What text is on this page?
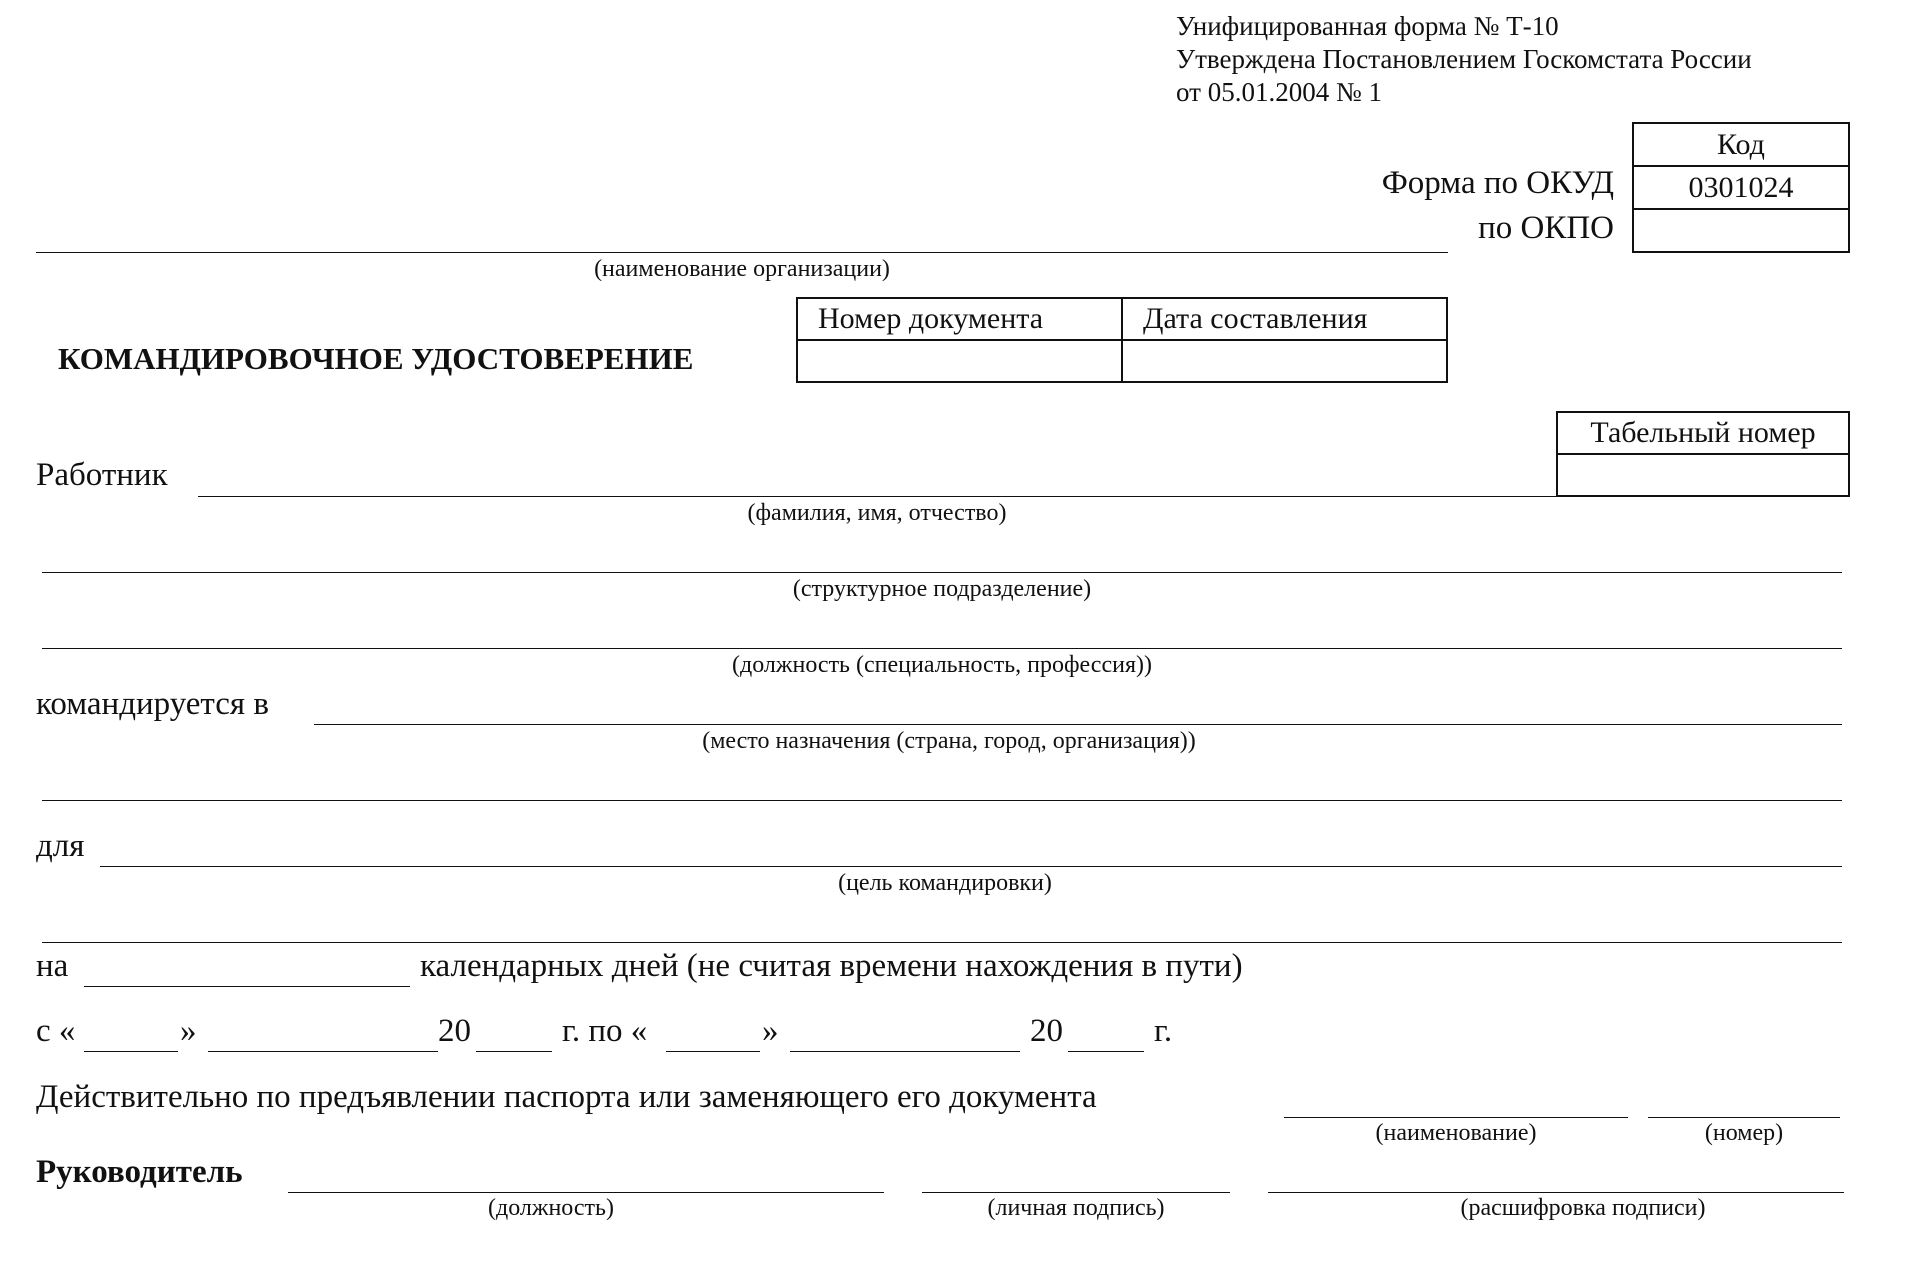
Унифицированная форма № Т-10
Утверждена Постановлением Госкомстата России
от 05.01.2004 № 1
Код
0301024

Форма по ОКУД
по ОКПО
(наименование организации)
КОМАНДИРОВОЧНОЕ УДОСТОВЕРЕНИЕ
Номер документа	Дата составления

Табельный номер

Работник
(фамилия, имя, отчество)
(структурное подразделение)
(должность (специальность, профессия))
командируется в
(место назначения (страна, город, организация))
для
(цель командировки)
на	календарных дней (не считая времени нахождения в пути)
с «	»	20	г. по «	»	20	г.
Действительно по предъявлении паспорта или заменяющего его документа
(наименование)	(номер)
Руководитель
(должность)	(личная подпись)	(расшифровка подписи)
